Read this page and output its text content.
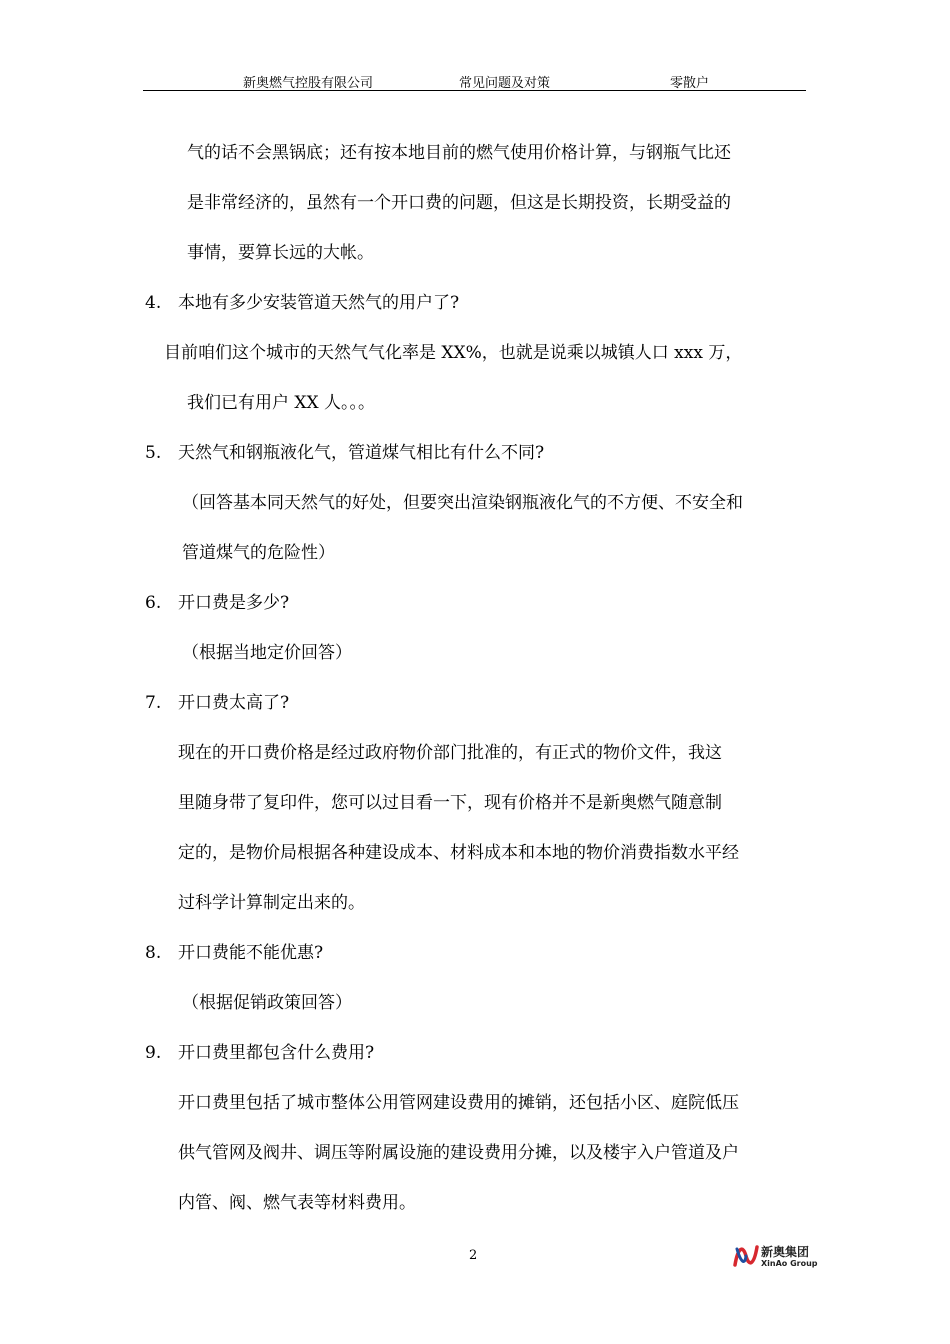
新奥燃气控股有限公司	常见问题及对策	零散户
气的话不会黑锅底；还有按本地目前的燃气使用价格计算，与钢瓶气比还
是非常经济的，虽然有一个开口费的问题，但这是长期投资，长期受益的
事情，要算长远的大帐。
4. 本地有多少安装管道天然气的用户了?
目前咱们这个城市的天然气气化率是 XX%，也就是说乘以城镇人口 xxx 万，
我们已有用户 XX 人。。。
5. 天然气和钢瓶液化气，管道煤气相比有什么不同?
（回答基本同天然气的好处，但要突出渲染钢瓶液化气的不方便、不安全和
管道煤气的危险性）
6. 开口费是多少?
（根据当地定价回答）
7. 开口费太高了?
现在的开口费价格是经过政府物价部门批准的，有正式的物价文件，我这
里随身带了复印件，您可以过目看一下，现有价格并不是新奥燃气随意制
定的，是物价局根据各种建设成本、材料成本和本地的物价消费指数水平经
过科学计算制定出来的。
8. 开口费能不能优惠?
（根据促销政策回答）
9. 开口费里都包含什么费用?
开口费里包括了城市整体公用管网建设费用的摊销，还包括小区、庭院低压
供气管网及阀井、调压等附属设施的建设费用分摊，以及楼宇入户管道及户
内管、阀、燃气表等材料费用。
2	新奥集团
XinAo Group
